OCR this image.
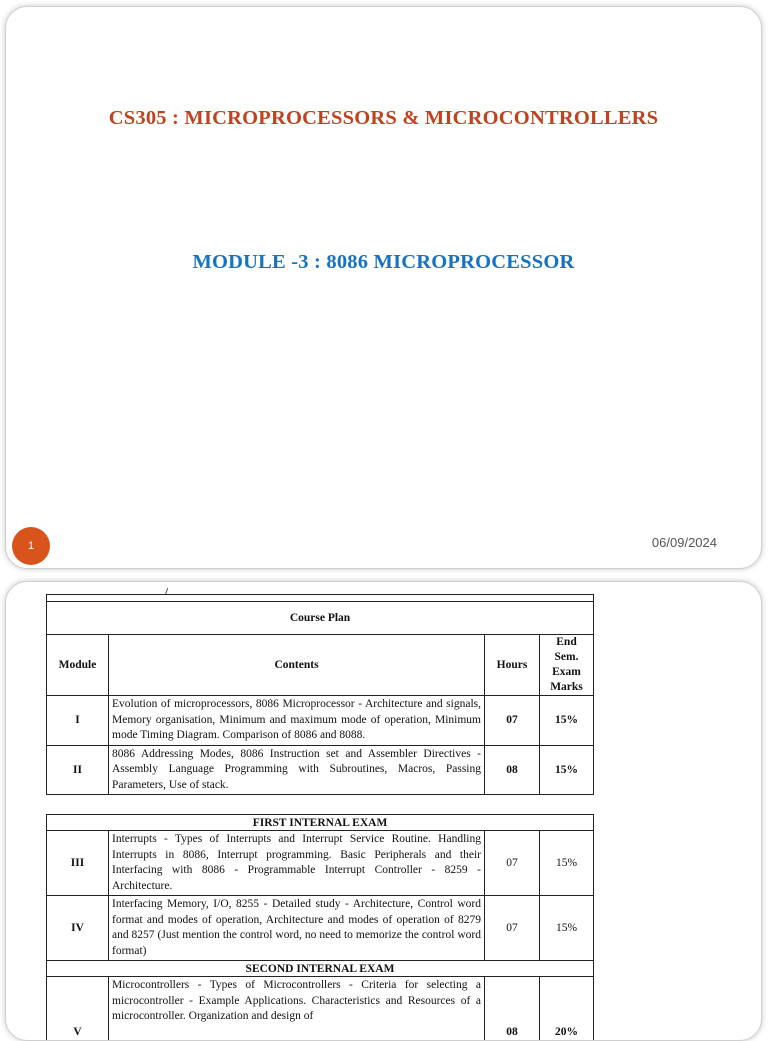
CS305 : MICROPROCESSORS & MICROCONTROLLERS
MODULE -3 : 8086 MICROPROCESSOR
1	06/09/2024

Course Plan			
Module	Contents	Hours	End Sem. Exam Marks
I	Evolution of microprocessors, 8086 Microprocessor - Architecture and signals, Memory organisation, Minimum and maximum mode of operation, Minimum mode Timing Diagram. Comparison of 8086 and 8088.	07	15%
II	8086 Addressing Modes, 8086 Instruction set and Assembler Directives - Assembly Language Programming with Subroutines, Macros, Passing Parameters, Use of stack.	08	15%
FIRST INTERNAL EXAM			
III	Interrupts - Types of Interrupts and Interrupt Service Routine. Handling Interrupts in 8086, Interrupt programming. Basic Peripherals and their Interfacing with 8086 - Programmable Interrupt Controller - 8259 - Architecture.	07	15%
IV	Interfacing Memory, I/O, 8255 - Detailed study - Architecture, Control word format and modes of operation, Architecture and modes of operation of 8279 and 8257 (Just mention the control word, no need to memorize the control word format)	07	15%
SECOND INTERNAL EXAM			
V	Microcontrollers - Types of Microcontrollers - Criteria for selecting a microcontroller - Example Applications. Characteristics and Resources of a microcontroller. Organization and design of	08	20%
